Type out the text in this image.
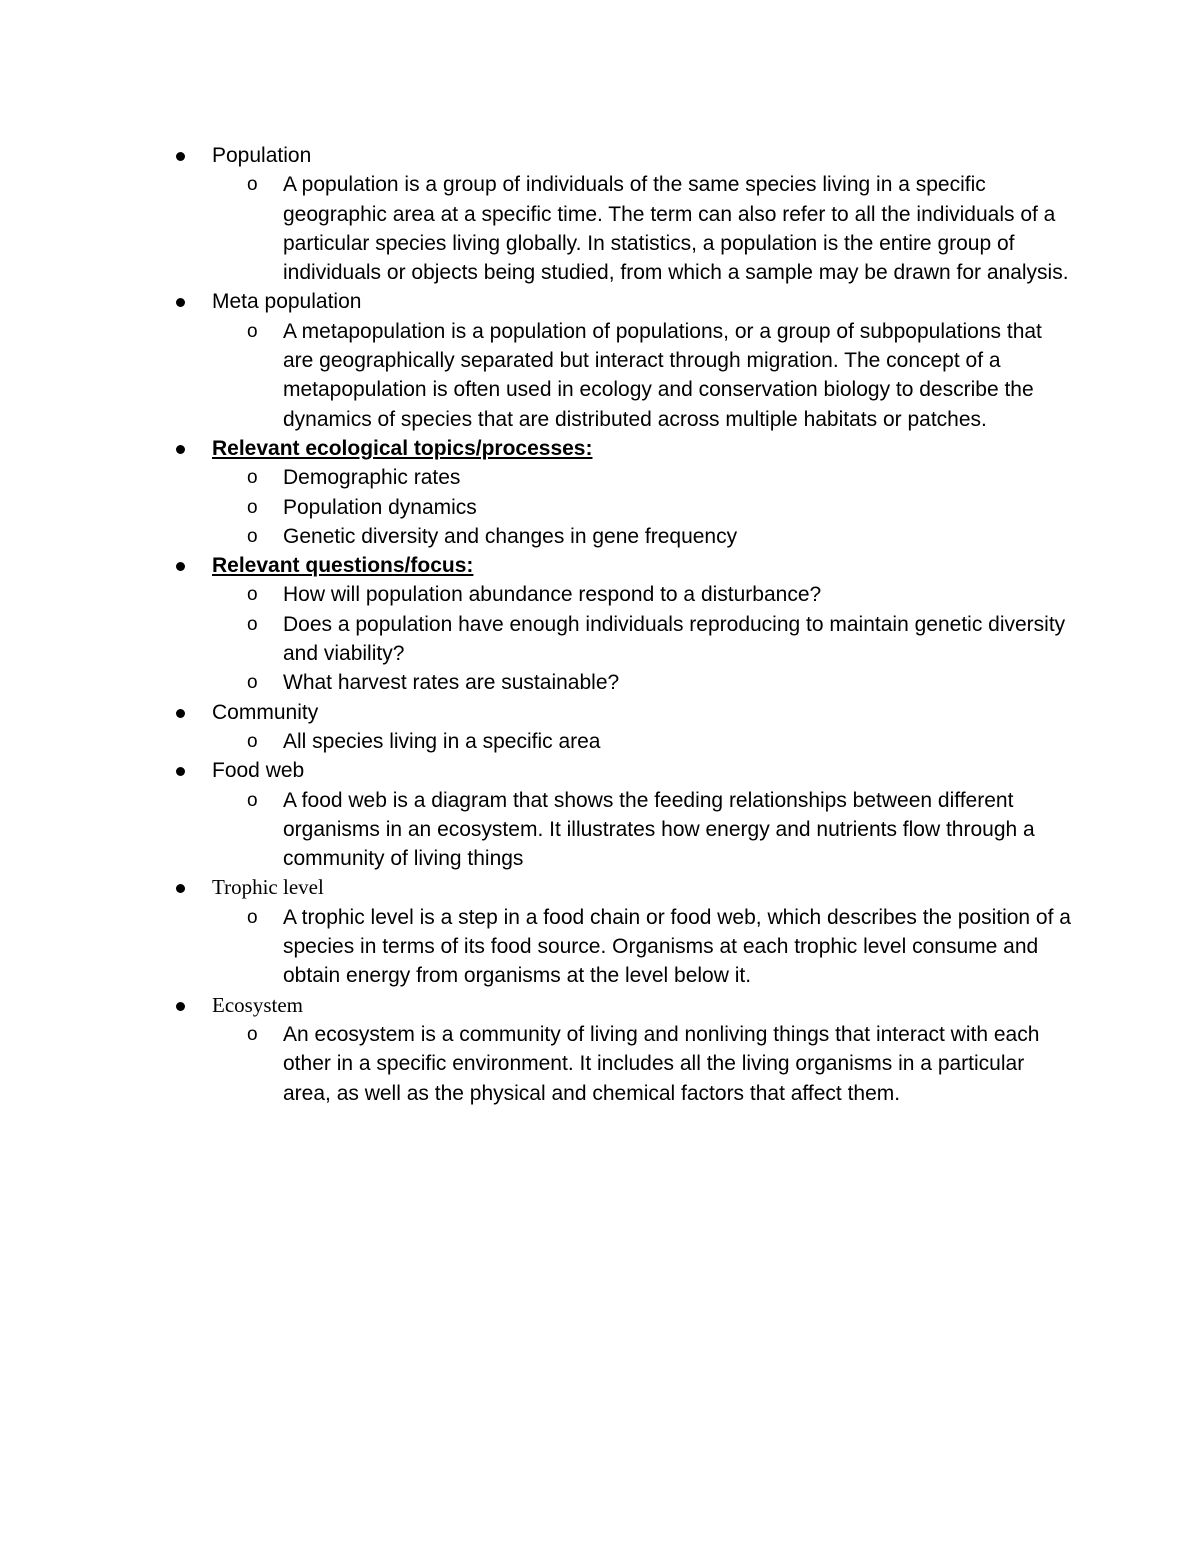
Population
o A population is a group of individuals of the same species living in a specific geographic area at a specific time. The term can also refer to all the individuals of a particular species living globally. In statistics, a population is the entire group of individuals or objects being studied, from which a sample may be drawn for analysis.
Meta population
o A metapopulation is a population of populations, or a group of subpopulations that are geographically separated but interact through migration. The concept of a metapopulation is often used in ecology and conservation biology to describe the dynamics of species that are distributed across multiple habitats or patches.
Relevant ecological topics/processes:
o Demographic rates
o Population dynamics
o Genetic diversity and changes in gene frequency
Relevant questions/focus:
o How will population abundance respond to a disturbance?
o Does a population have enough individuals reproducing to maintain genetic diversity and viability?
o What harvest rates are sustainable?
Community
o All species living in a specific area
Food web
o A food web is a diagram that shows the feeding relationships between different organisms in an ecosystem. It illustrates how energy and nutrients flow through a community of living things
Trophic level
o A trophic level is a step in a food chain or food web, which describes the position of a species in terms of its food source. Organisms at each trophic level consume and obtain energy from organisms at the level below it.
Ecosystem
o An ecosystem is a community of living and nonliving things that interact with each other in a specific environment. It includes all the living organisms in a particular area, as well as the physical and chemical factors that affect them.
